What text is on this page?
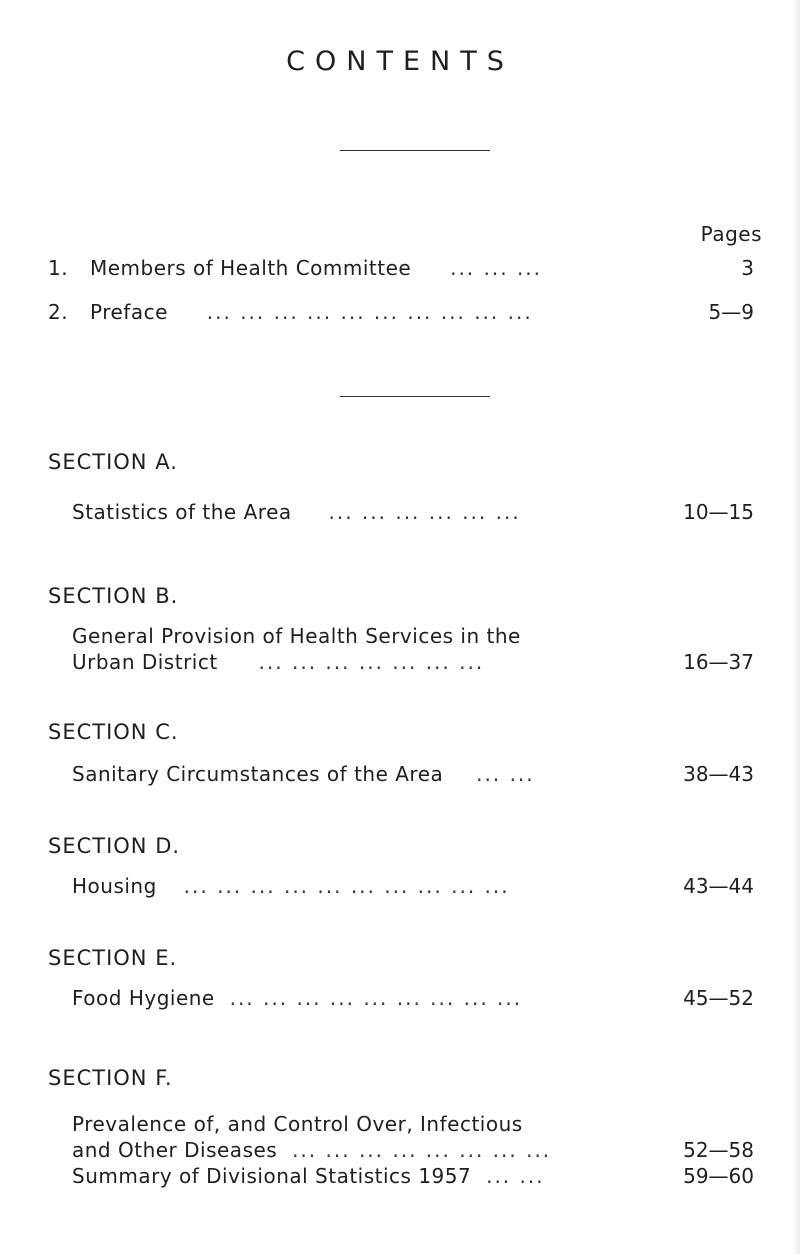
CONTENTS
Pages
1. Members of Health Committee ... ... ...	3
2. Preface ... ... ... ... ... ... ... ... ... ...	5—9
SECTION A.
Statistics of the Area ... ... ... ... ... ...	10—15
SECTION B.
General Provision of Health Services in the
Urban District ... ... ... ... ... ... ...	16—37
SECTION C.
Sanitary Circumstances of the Area ... ...	38—43
SECTION D.
Housing ... ... ... ... ... ... ... ... ... ...	43—44
SECTION E.
Food Hygiene ... ... ... ... ... ... ... ... ...	45—52
SECTION F.
Prevalence of, and Control Over, Infectious
and Other Diseases ... ... ... ... ... ... ... ...	52—58
Summary of Divisional Statistics 1957 ... ...	59—60
